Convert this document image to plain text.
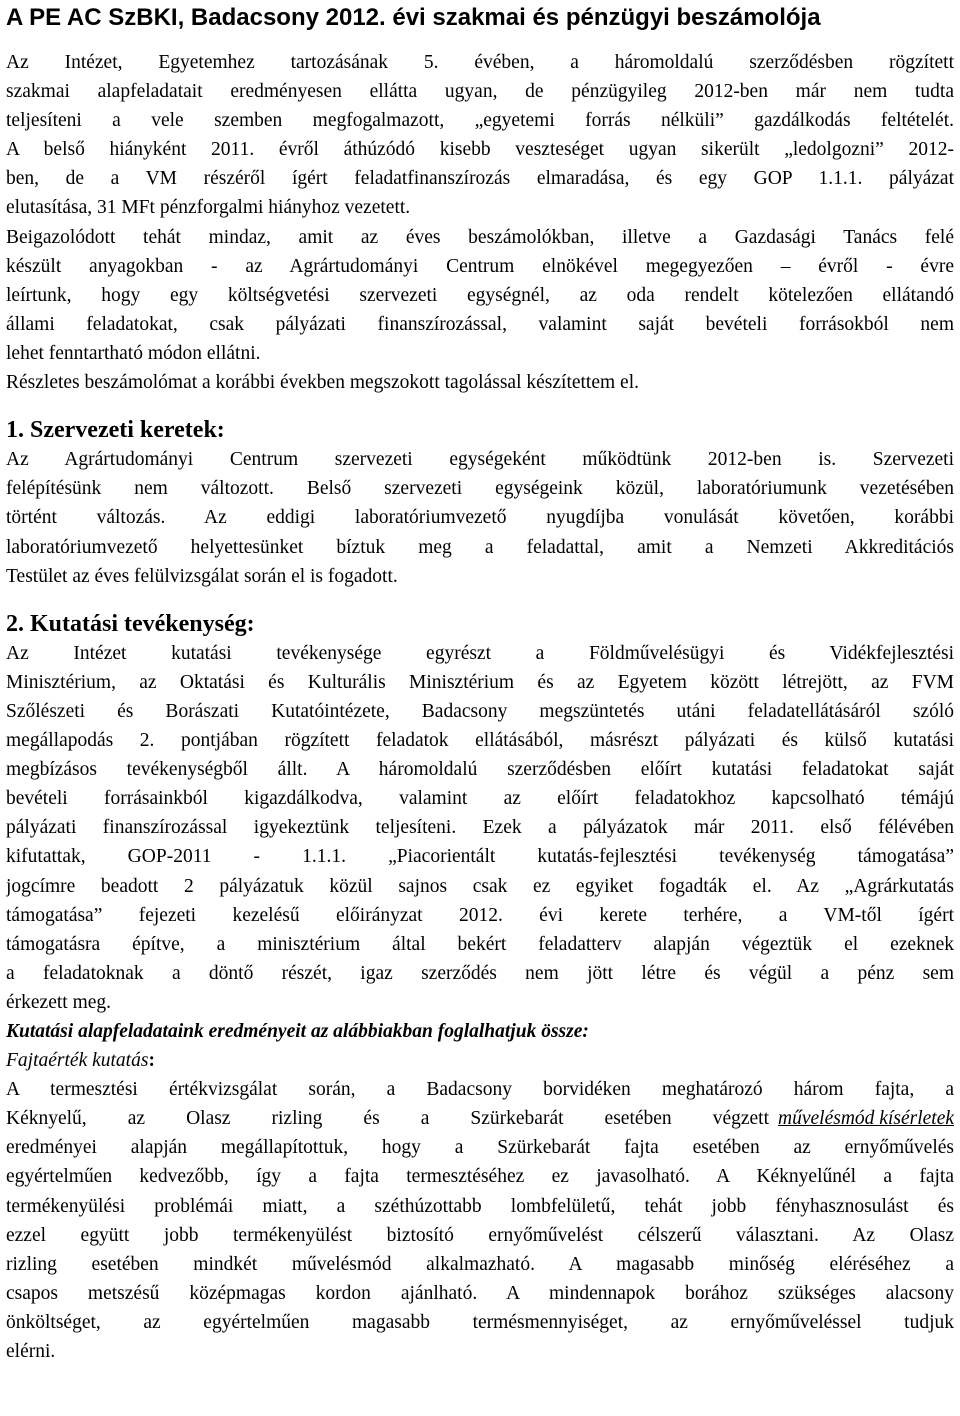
A PE AC SzBKI, Badacsony 2012. évi szakmai és pénzügyi beszámolója
Az Intézet, Egyetemhez tartozásának 5. évében, a háromoldalú szerződésben rögzített
szakmai alapfeladatait eredményesen ellátta ugyan, de pénzügyileg 2012-ben már nem tudta
teljesíteni a vele szemben megfogalmazott, „egyetemi forrás nélküli” gazdálkodás feltételét.
A belső hiányként 2011. évről áthúzódó kisebb veszteséget ugyan sikerült „ledolgozni” 2012-
ben, de a VM részéről ígért feladatfinanszírozás elmaradása, és egy GOP 1.1.1. pályázat
elutasítása, 31 MFt pénzforgalmi hiányhoz vezetett.
Beigazolódott tehát mindaz, amit az éves beszámolókban, illetve a Gazdasági Tanács felé
készült anyagokban - az Agrártudományi Centrum elnökével megegyezően – évről - évre
leírtunk, hogy egy költségvetési szervezeti egységnél, az oda rendelt kötelezően ellátandó
állami feladatokat, csak pályázati finanszírozással, valamint saját bevételi forrásokból nem
lehet fenntartható módon ellátni.
Részletes beszámolómat a korábbi években megszokott tagolással készítettem el.
1. Szervezeti keretek:
Az Agrártudományi Centrum szervezeti egységeként működtünk 2012-ben is. Szervezeti
felépítésünk nem változott. Belső szervezeti egységeink közül, laboratóriumunk vezetésében
történt változás. Az eddigi laboratóriumvezető nyugdíjba vonulását követően, korábbi
laboratóriumvezető helyettesünket bíztuk meg a feladattal, amit a Nemzeti Akkreditációs
Testület az éves felülvizsgálat során el is fogadott.
2. Kutatási tevékenység:
Az Intézet kutatási tevékenysége egyrészt a Földművelésügyi és Vidékfejlesztési
Minisztérium, az Oktatási és Kulturális Minisztérium és az Egyetem között létrejött, az FVM
Szőlészeti és Borászati Kutatóintézete, Badacsony megszüntetés utáni feladatellátásáról szóló
megállapodás 2. pontjában rögzített feladatok ellátásából, másrészt pályázati és külső kutatási
megbízásos tevékenységből állt. A háromoldalú szerződésben előírt kutatási feladatokat saját
bevételi forrásainkból kigazdálkodva, valamint az előírt feladatokhoz kapcsolható témájú
pályázati finanszírozással igyekeztünk teljesíteni. Ezek a pályázatok már 2011. első félévében
kifutattak, GOP-2011 - 1.1.1. „Piacorientált kutatás-fejlesztési tevékenység támogatása”
jogcímre beadott 2 pályázatuk közül sajnos csak ez egyiket fogadták el. Az „Agrárkutatás
támogatása” fejezeti kezelésű előirányzat 2012. évi kerete terhére, a VM-től ígért
támogatásra építve, a minisztérium által bekért feladatterv alapján végeztük el ezeknek
a feladatoknak a döntő részét, igaz szerződés nem jött létre és végül a pénz sem
érkezett meg.
Kutatási alapfeladataink eredményeit az alábbiakban foglalhatjuk össze:
Fajtaérték kutatás:
A termesztési értékvizsgálat során, a Badacsony borvidéken meghatározó három fajta, a
Kéknyelű, az Olasz rizling és a Szürkebarát esetében végzett művelésmód kísérletek
eredményei alapján megállapítottuk, hogy a Szürkebarát fajta esetében az ernyőművelés
egyértelműen kedvezőbb, így a fajta termesztéséhez ez javasolható. A Kéknyelűnél a fajta
termékenyülési problémái miatt, a széthúzottabb lombfelületű, tehát jobb fényhasznosulást és
ezzel együtt jobb termékenyülést biztosító ernyőművelést célszerű választani. Az Olasz
rizling esetében mindkét művelésmód alkalmazható. A magasabb minőség eléréséhez a
csapos metszésű középmagas kordon ajánlható. A mindennapok borához szükséges alacsony
önköltséget, az egyértelműen magasabb termésmennyiséget, az ernyőműveléssel tudjuk
elérni.
